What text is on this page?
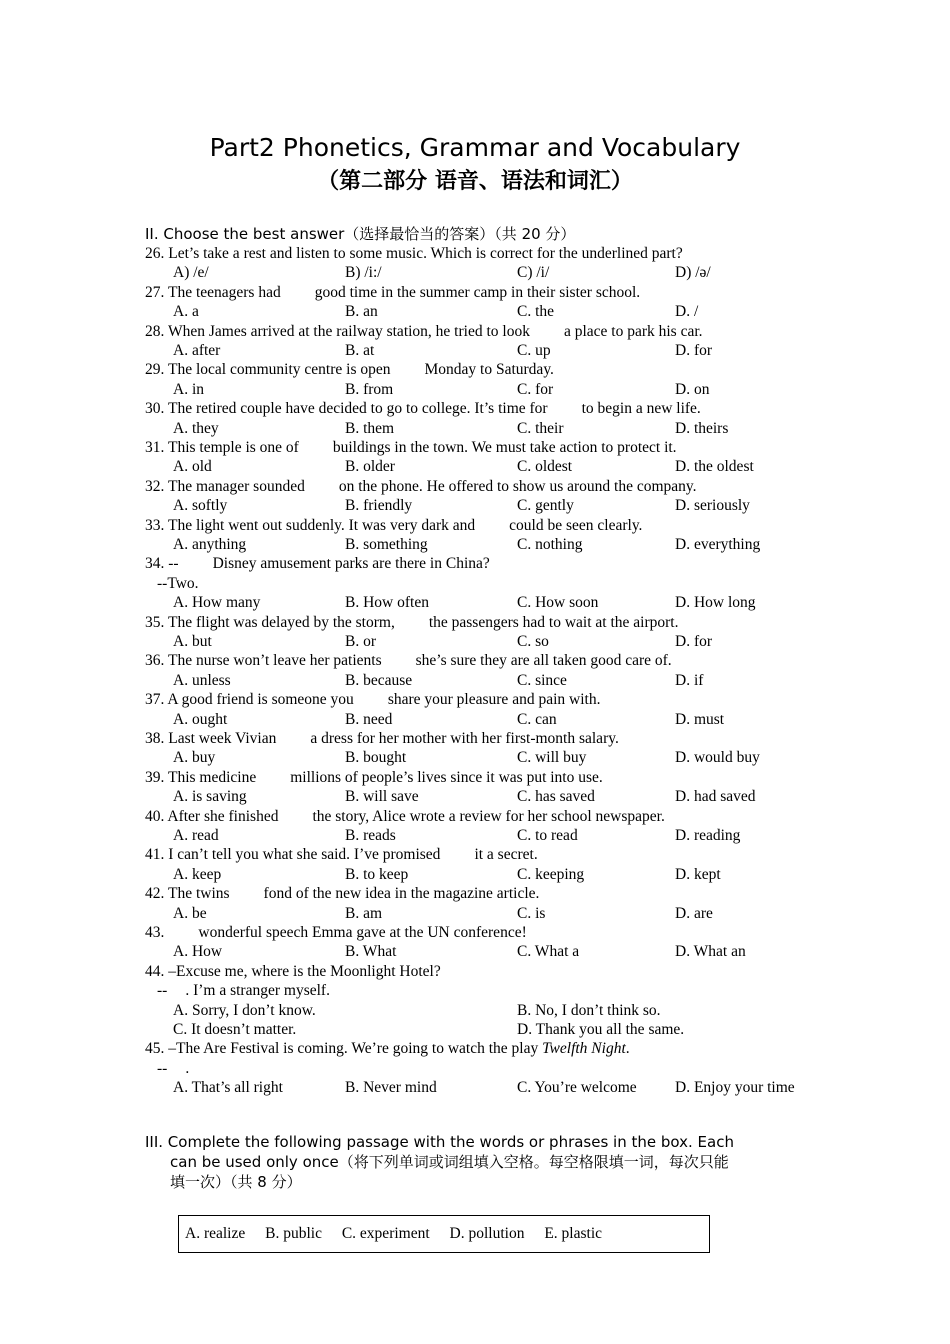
Part2 Phonetics, Grammar and Vocabulary
（第二部分 语音、语法和词汇）
II. Choose the best answer（选择最恰当的答案）（共 20 分）
26. Let’s take a rest and listen to some music. Which is correct for the underlined part?
A) /e/	B) /i:/	C) /i/	D) /ə/
27. The teenagers had good time in the summer camp in their sister school.
A. a	B. an	C. the	D. /
28. When James arrived at the railway station, he tried to look a place to park his car.
A. after	B. at	C. up	D. for
29. The local community centre is open Monday to Saturday.
A. in	B. from	C. for	D. on
30. The retired couple have decided to go to college. It’s time for to begin a new life.
A. they	B. them	C. their	D. theirs
31. This temple is one of buildings in the town. We must take action to protect it.
A. old	B. older	C. oldest	D. the oldest
32. The manager sounded on the phone. He offered to show us around the company.
A. softly	B. friendly	C. gently	D. seriously
33. The light went out suddenly. It was very dark and could be seen clearly.
A. anything	B. something	C. nothing	D. everything
34. -- Disney amusement parks are there in China?
--Two.
A. How many	B. How often	C. How soon	D. How long
35. The flight was delayed by the storm, the passengers had to wait at the airport.
A. but	B. or	C. so	D. for
36. The nurse won’t leave her patients she’s sure they are all taken good care of.
A. unless	B. because	C. since	D. if
37. A good friend is someone you share your pleasure and pain with.
A. ought	B. need	C. can	D. must
38. Last week Vivian a dress for her mother with her first-month salary.
A. buy	B. bought	C. will buy	D. would buy
39. This medicine millions of people’s lives since it was put into use.
A. is saving	B. will save	C. has saved	D. had saved
40. After she finished the story, Alice wrote a review for her school newspaper.
A. read	B. reads	C. to read	D. reading
41. I can’t tell you what she said. I’ve promised it a secret.
A. keep	B. to keep	C. keeping	D. kept
42. The twins fond of the new idea in the magazine article.
A. be	B. am	C. is	D. are
43. wonderful speech Emma gave at the UN conference!
A. How	B. What	C. What a	D. What an
44. –Excuse me, where is the Moonlight Hotel?
-- . I’m a stranger myself.
A. Sorry, I don’t know.	B. No, I don’t think so.
C. It doesn’t matter.	D. Thank you all the same.
45. –The Are Festival is coming. We’re going to watch the play Twelfth Night.
-- .
A. That’s all right	B. Never mind	C. You’re welcome D. Enjoy your time
III. Complete the following passage with the words or phrases in the box. Each
can be used only once（将下列单词或词组填入空格。每空格限填一词，每次只能
填一次）（共 8 分）
A. realize B. public C. experiment D. pollution E. plastic
